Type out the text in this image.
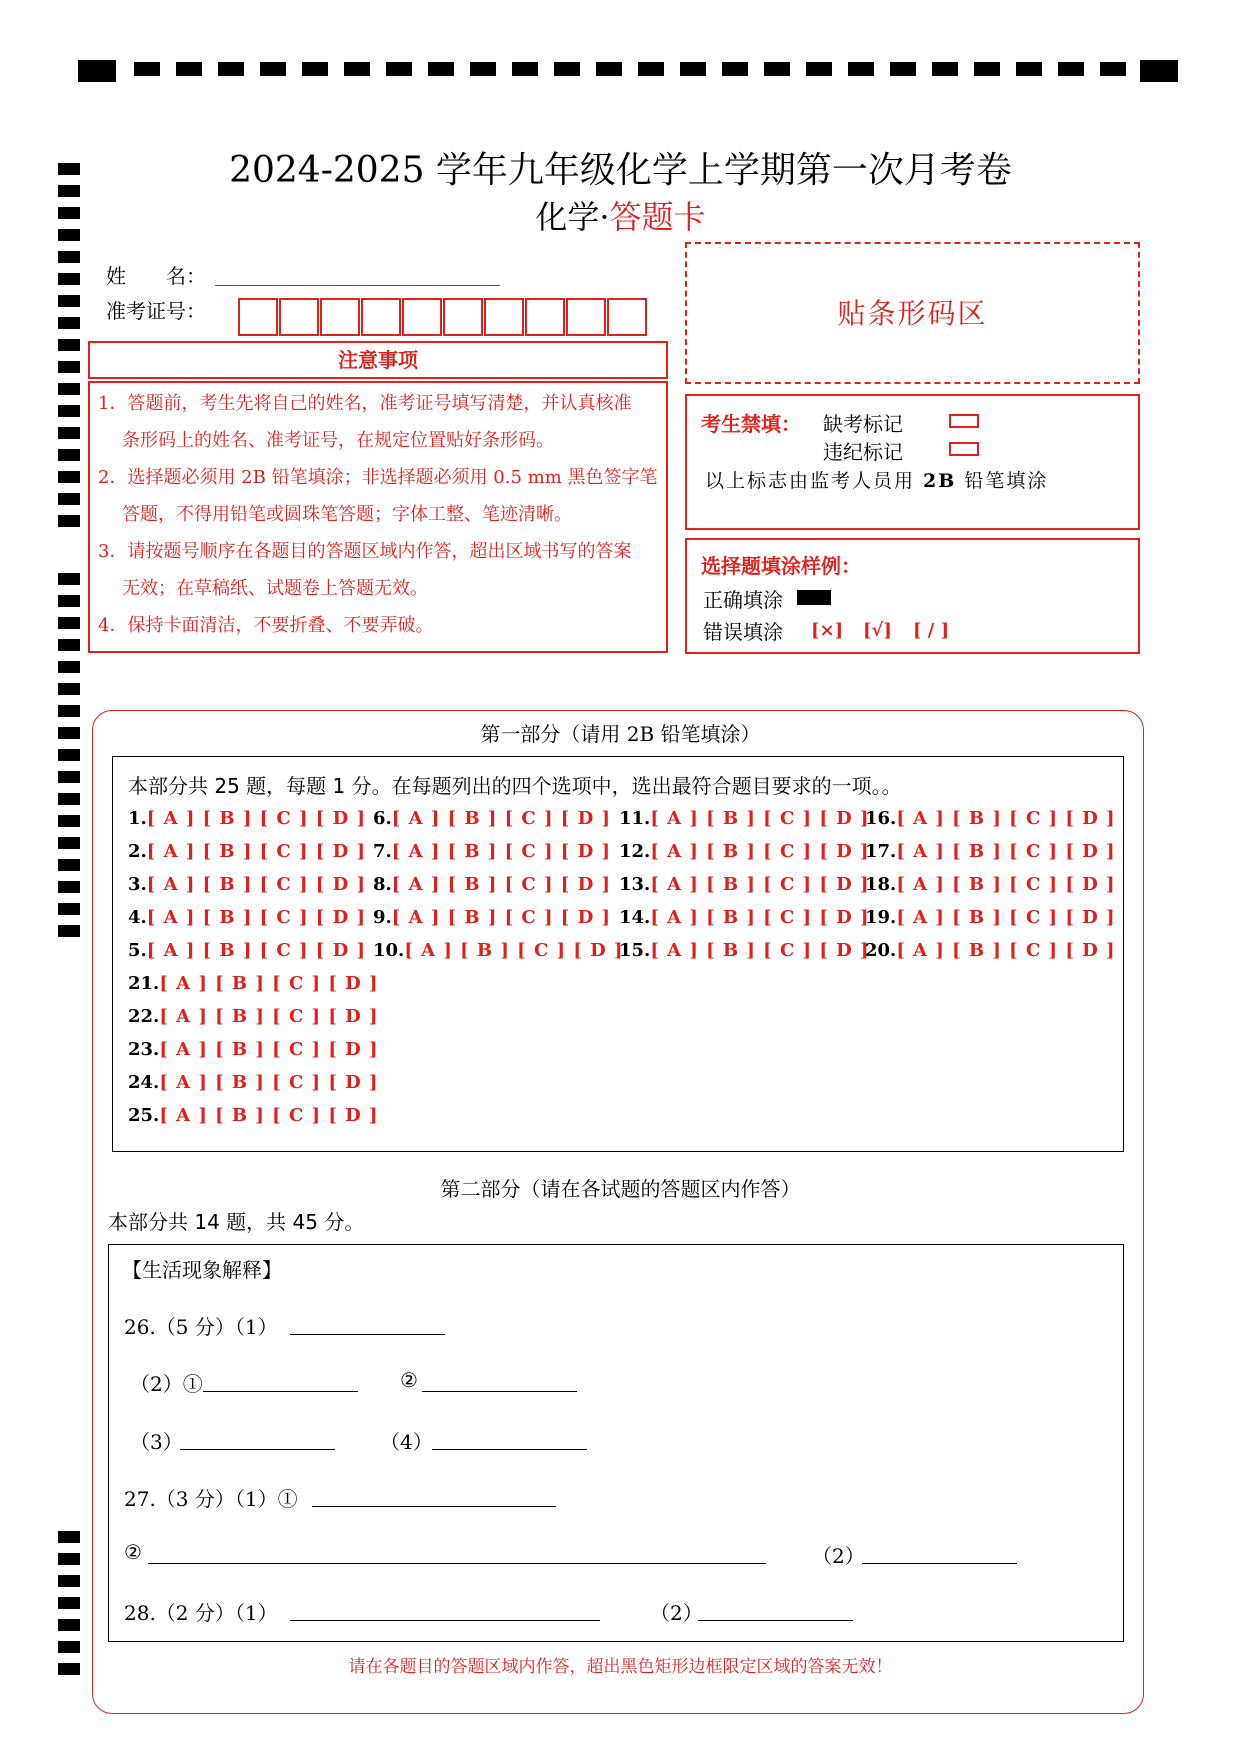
2024-2025 学年九年级化学上学期第一次月考卷
化学·答题卡
姓　　名：
准考证号：	贴条形码区
注意事项

1．答题前，考生先将自己的姓名，准考证号填写清楚，并认真核准

条形码上的姓名、准考证号，在规定位置贴好条形码。

2．选择题必须用 2B 铅笔填涂；非选择题必须用 0.5 mm 黑色签字笔

答题，不得用铅笔或圆珠笔答题；字体工整、笔迹清晰。

3．请按题号顺序在各题目的答题区域内作答，超出区域书写的答案

无效；在草稿纸、试题卷上答题无效。

4．保持卡面清洁，不要折叠、不要弄破。

考生禁填： 缺考标记
违纪标记
以上标志由监考人员用 2B 铅笔填涂
选择题填涂样例：
正确填涂
错误填涂 [×] [√] [ / ]
第一部分（请用 2B 铅笔填涂）
本部分共 25 题，每题 1 分。在每题列出的四个选项中，选出最符合题目要求的一项。。
1.[ A ] [ B ] [ C ] [ D ]
2.[ A ] [ B ] [ C ] [ D ]
3.[ A ] [ B ] [ C ] [ D ]
4.[ A ] [ B ] [ C ] [ D ]
5.[ A ] [ B ] [ C ] [ D ]
6.[ A ] [ B ] [ C ] [ D ]
7.[ A ] [ B ] [ C ] [ D ]
8.[ A ] [ B ] [ C ] [ D ]
9.[ A ] [ B ] [ C ] [ D ]
10.[ A ] [ B ] [ C ] [ D ]
11.[ A ] [ B ] [ C ] [ D ]
12.[ A ] [ B ] [ C ] [ D ]
13.[ A ] [ B ] [ C ] [ D ]
14.[ A ] [ B ] [ C ] [ D ]
15.[ A ] [ B ] [ C ] [ D ]
16.[ A ] [ B ] [ C ] [ D ]
17.[ A ] [ B ] [ C ] [ D ]
18.[ A ] [ B ] [ C ] [ D ]
19.[ A ] [ B ] [ C ] [ D ]
20.[ A ] [ B ] [ C ] [ D ]
21.[ A ] [ B ] [ C ] [ D ]
22.[ A ] [ B ] [ C ] [ D ]
23.[ A ] [ B ] [ C ] [ D ]
24.[ A ] [ B ] [ C ] [ D ]
25.[ A ] [ B ] [ C ] [ D ]
第二部分（请在各试题的答题区内作答）
本部分共 14 题，共 45 分。
【生活现象解释】
26.（5 分）（1）
（2）①	②
（3）	（4）
27.（3 分）（1）①
②	（2）
28.（2 分）（1）	（2）
请在各题目的答题区域内作答，超出黑色矩形边框限定区域的答案无效！
